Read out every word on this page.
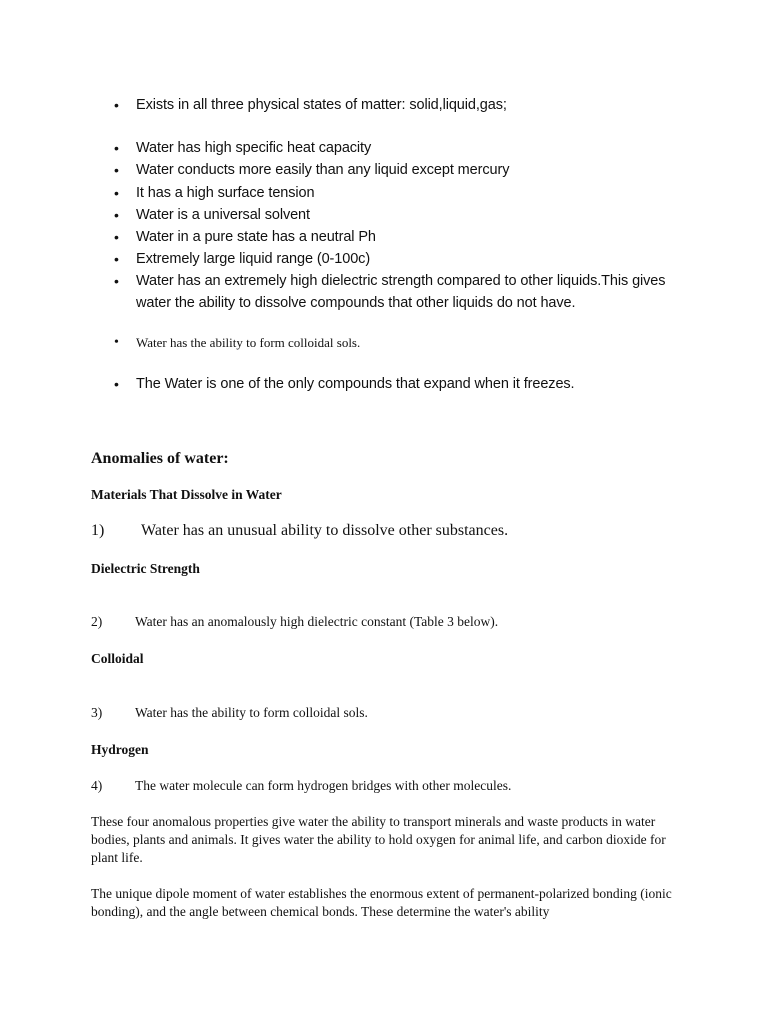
• Exists in all three physical states of matter: solid,liquid,gas;
• Water has high specific heat capacity
• Water conducts more easily than any liquid except mercury
• It has a high surface tension
• Water is a universal solvent
• Water in a pure state has a neutral Ph
• Extremely large liquid range (0-100c)
• Water has an extremely high dielectric strength compared to other liquids.This gives water the ability to dissolve compounds that other liquids do not have.
• Water has the ability to form colloidal sols.
• The Water is one of the only compounds that expand when it freezes.
Anomalies of water:
Materials That Dissolve in Water
1) Water has an unusual ability to dissolve other substances.
Dielectric Strength
2) Water has an anomalously high dielectric constant (Table 3 below).
Colloidal
3) Water has the ability to form colloidal sols.
Hydrogen
4) The water molecule can form hydrogen bridges with other molecules.

These four anomalous properties give water the ability to transport minerals and waste products in water bodies, plants and animals. It gives water the ability to hold oxygen for animal life, and carbon dioxide for plant life.

The unique dipole moment of water establishes the enormous extent of permanent-polarized bonding (ionic bonding), and the angle between chemical bonds. These determine the water's ability
